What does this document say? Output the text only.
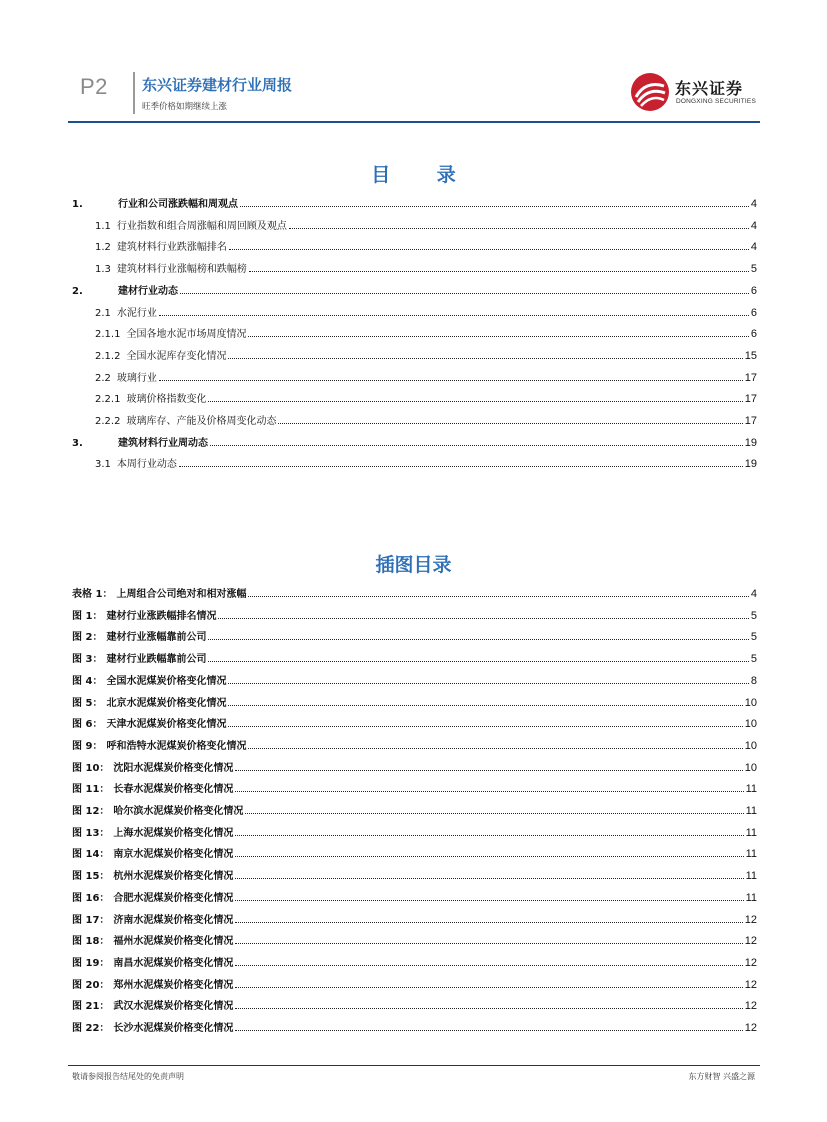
P2 东兴证券建材行业周报
旺季价格如期继续上涨
东兴证券
DONGXING SECURITIES
目 录
1.	行业和公司涨跌幅和周观点	4
1.1 行业指数和组合周涨幅和周回顾及观点	4
1.2 建筑材料行业跌涨幅排名	4
1.3 建筑材料行业涨幅榜和跌幅榜	5
2.	建材行业动态	6
2.1 水泥行业	6
2.1.1 全国各地水泥市场周度情况	6
2.1.2 全国水泥库存变化情况	15
2.2 玻璃行业	17
2.2.1 玻璃价格指数变化	17
2.2.2 玻璃库存、产能及价格周变化动态	17
3.	建筑材料行业周动态	19
3.1 本周行业动态	19
插图目录
表格 1： 上周组合公司绝对和相对涨幅	4
图 1： 建材行业涨跌幅排名情况	5
图 2： 建材行业涨幅靠前公司	5
图 3： 建材行业跌幅靠前公司	5
图 4： 全国水泥煤炭价格变化情况	8
图 5： 北京水泥煤炭价格变化情况	10
图 6： 天津水泥煤炭价格变化情况	10
图 9： 呼和浩特水泥煤炭价格变化情况	10
图 10： 沈阳水泥煤炭价格变化情况	10
图 11： 长春水泥煤炭价格变化情况	11
图 12： 哈尔滨水泥煤炭价格变化情况	11
图 13： 上海水泥煤炭价格变化情况	11
图 14： 南京水泥煤炭价格变化情况	11
图 15： 杭州水泥煤炭价格变化情况	11
图 16： 合肥水泥煤炭价格变化情况	11
图 17： 济南水泥煤炭价格变化情况	12
图 18： 福州水泥煤炭价格变化情况	12
图 19： 南昌水泥煤炭价格变化情况	12
图 20： 郑州水泥煤炭价格变化情况	12
图 21： 武汉水泥煤炭价格变化情况	12
图 22： 长沙水泥煤炭价格变化情况	12
敬请参阅报告结尾处的免责声明	东方财智 兴盛之源
